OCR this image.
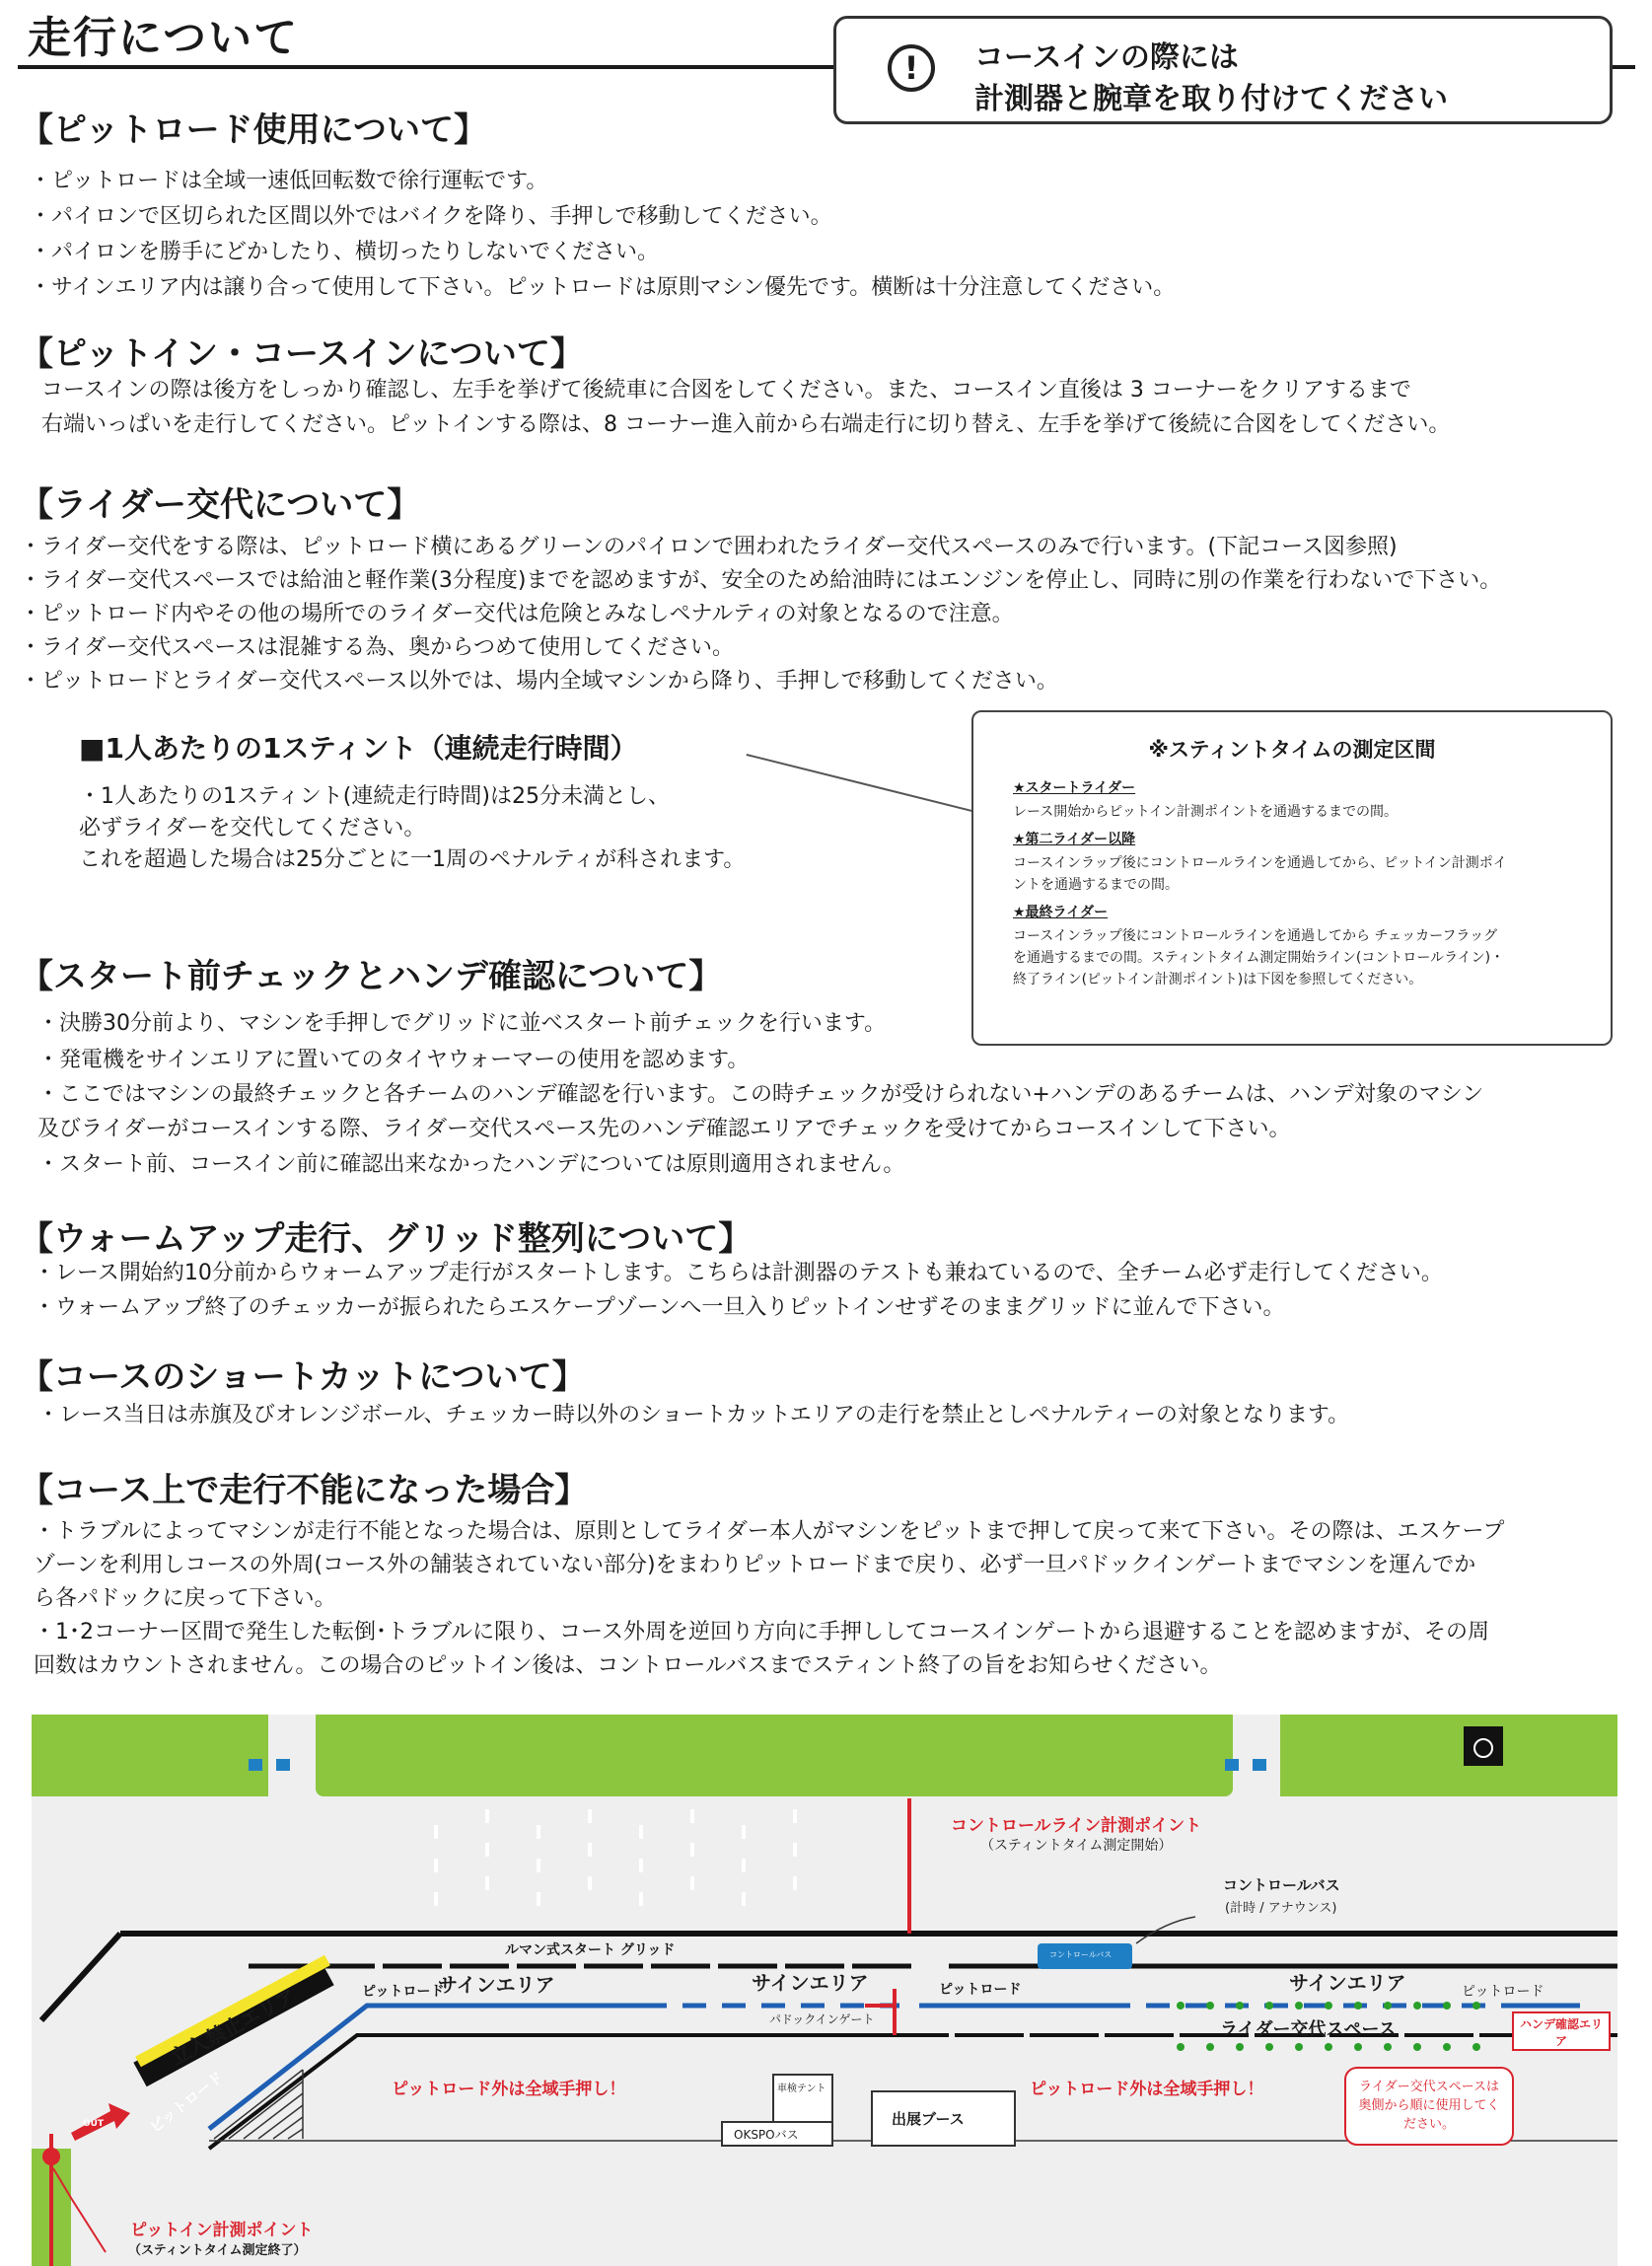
走行について
!	コースインの際には
計測器と腕章を取り付けてください
【ピットロード使用について】
・ピットロードは全域一速低回転数で徐行運転です。
・パイロンで区切られた区間以外ではバイクを降り、手押しで移動してください。
・パイロンを勝手にどかしたり、横切ったりしないでください。
・サインエリア内は譲り合って使用して下さい。ピットロードは原則マシン優先です。横断は十分注意してください。
【ピットイン・コースインについて】
コースインの際は後方をしっかり確認し、左手を挙げて後続車に合図をしてください。また、コースイン直後は 3 コーナーをクリアするまで
右端いっぱいを走行してください。ピットインする際は、8 コーナー進入前から右端走行に切り替え、左手を挙げて後続に合図をしてください。
【ライダー交代について】
・ライダー交代をする際は、ピットロード横にあるグリーンのパイロンで囲われたライダー交代スペースのみで行います。(下記コース図参照)
・ライダー交代スペースでは給油と軽作業(3分程度)までを認めますが、安全のため給油時にはエンジンを停止し、同時に別の作業を行わないで下さい。
・ピットロード内やその他の場所でのライダー交代は危険とみなしペナルティの対象となるので注意。
・ライダー交代スペースは混雑する為、奥からつめて使用してください。
・ピットロードとライダー交代スペース以外では、場内全域マシンから降り、手押しで移動してください。
■1人あたりの1スティント（連続走行時間）
・1人あたりの1スティント(連続走行時間)は25分未満とし、
必ずライダーを交代してください。
これを超過した場合は25分ごとに一1周のペナルティが科されます。
※スティントタイムの測定区間
★スタートライダー
レース開始からピットイン計測ポイントを通過するまでの間。
★第二ライダー以降
コースインラップ後にコントロールラインを通過してから、ピットイン計測ポイ
ントを通過するまでの間。
★最終ライダー
コースインラップ後にコントロールラインを通過してから チェッカーフラッグ
を通過するまでの間。スティントタイム測定開始ライン(コントロールライン)・
終了ライン(ピットイン計測ポイント)は下図を参照してください。
【スタート前チェックとハンデ確認について】
・決勝30分前より、マシンを手押しでグリッドに並べスタート前チェックを行います。
・発電機をサインエリアに置いてのタイヤウォーマーの使用を認めます。
・ここではマシンの最終チェックと各チームのハンデ確認を行います。この時チェックが受けられない+ハンデのあるチームは、ハンデ対象のマシン
及びライダーがコースインする際、ライダー交代スペース先のハンデ確認エリアでチェックを受けてからコースインして下さい。
・スタート前、コースイン前に確認出来なかったハンデについては原則適用されません。
【ウォームアップ走行、グリッド整列について】
・レース開始約10分前からウォームアップ走行がスタートします。こちらは計測器のテストも兼ねているので、全チーム必ず走行してください。
・ウォームアップ終了のチェッカーが振られたらエスケープゾーンへ一旦入りピットインせずそのままグリッドに並んで下さい。
【コースのショートカットについて】
・レース当日は赤旗及びオレンジボール、チェッカー時以外のショートカットエリアの走行を禁止としペナルティーの対象となります。
【コース上で走行不能になった場合】
・トラブルによってマシンが走行不能となった場合は、原則としてライダー本人がマシンをピットまで押して戻って来て下さい。その際は、エスケープ
ゾーンを利用しコースの外周(コース外の舗装されていない部分)をまわりピットロードまで戻り、必ず一旦パドックインゲートまでマシンを運んでか
ら各パドックに戻って下さい。
・1･2コーナー区間で発生した転倒･トラブルに限り、コース外周を逆回り方向に手押ししてコースインゲートから退避することを認めますが、その周
回数はカウントされません。この場合のピットイン後は、コントロールバスまでスティント終了の旨をお知らせください。
コントロールライン計測ポイント
（スティントタイム測定開始）
コントロールバス
(計時 / アナウンス)
コントロールバス
ルマン式スタート グリッド
サインエリア	サインエリア	サインエリア
ピットロード	ピットロード	ピットロード
ピットロード
立入禁止エリア	パドックインゲート	ライダー交代スペース	ハンデ確認エリア
ピットロード外は全域手押し！	ピットロード外は全域手押し！
車検テント
OKSPOバス
出展ブース
ライダー交代スペースは奥側から順に使用してください。
OUT
ピットイン計測ポイント
（スティントタイム測定終了）
